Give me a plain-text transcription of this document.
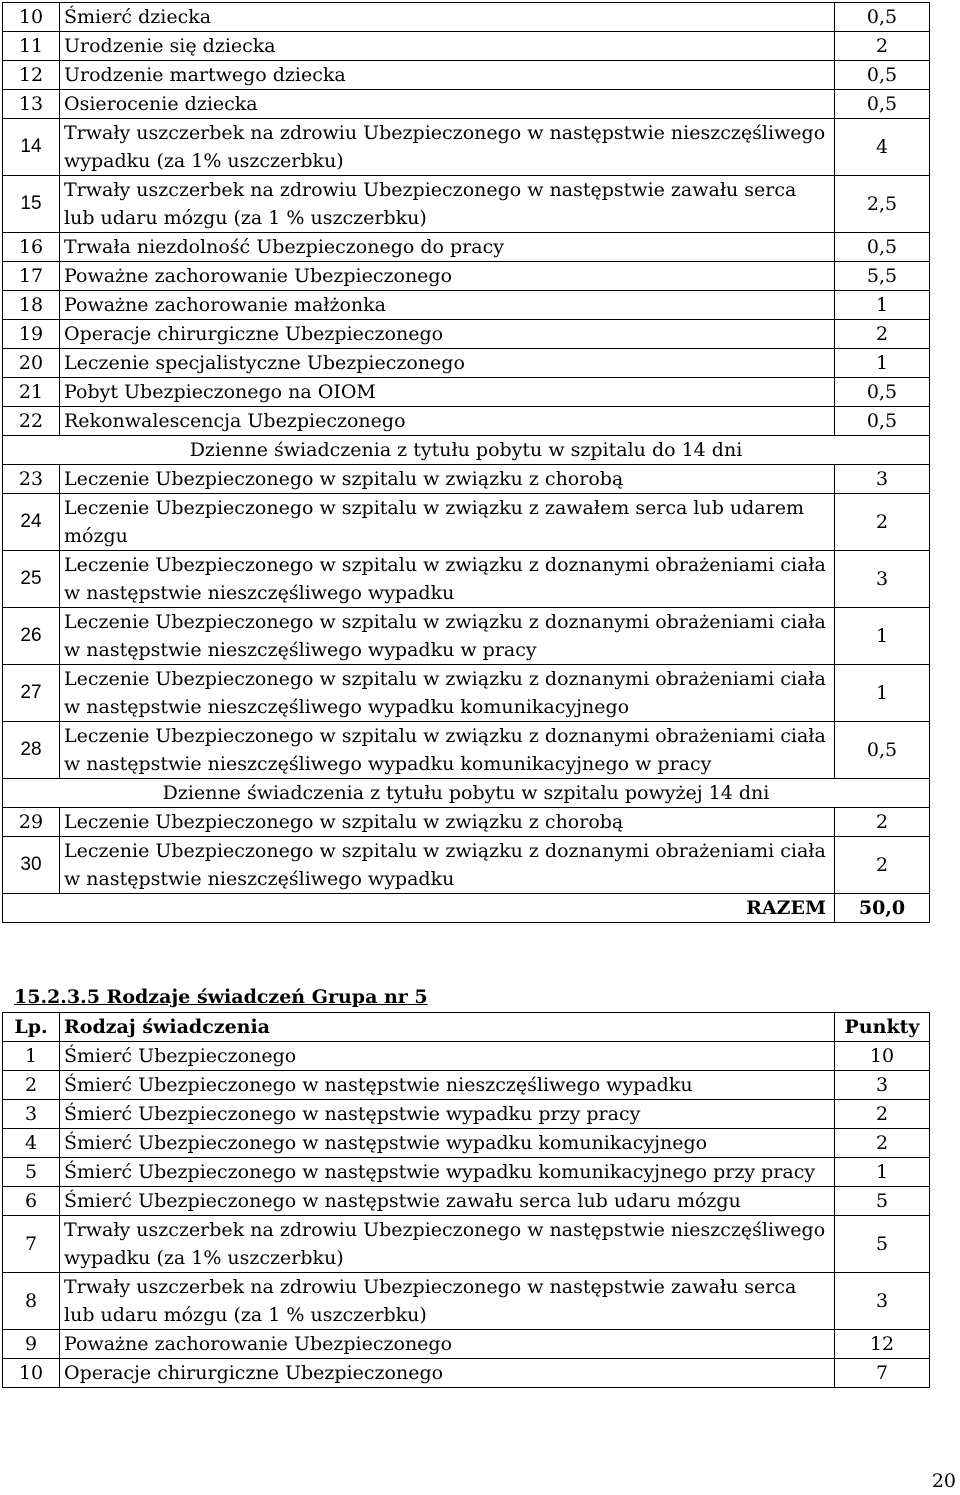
10	Śmierć dziecka	0,5
11	Urodzenie się dziecka	2
12	Urodzenie martwego dziecka	0,5
13	Osierocenie dziecka	0,5
14	Trwały uszczerbek na zdrowiu Ubezpieczonego w następstwie nieszczęśliwego wypadku (za 1% uszczerbku)	4
15	Trwały uszczerbek na zdrowiu Ubezpieczonego w następstwie zawału serca lub udaru mózgu (za 1 % uszczerbku)	2,5
16	Trwała niezdolność Ubezpieczonego do pracy	0,5
17	Poważne zachorowanie Ubezpieczonego	5,5
18	Poważne zachorowanie małżonka	1
19	Operacje chirurgiczne Ubezpieczonego	2
20	Leczenie specjalistyczne Ubezpieczonego	1
21	Pobyt Ubezpieczonego na OIOM	0,5
22	Rekonwalescencja Ubezpieczonego	0,5
Dzienne świadczenia z tytułu pobytu w szpitalu do 14 dni		
23	Leczenie Ubezpieczonego w szpitalu w związku z chorobą	3
24	Leczenie Ubezpieczonego w szpitalu w związku z zawałem serca lub udarem mózgu	2
25	Leczenie Ubezpieczonego w szpitalu w związku z doznanymi obrażeniami ciała w następstwie nieszczęśliwego wypadku	3
26	Leczenie Ubezpieczonego w szpitalu w związku z doznanymi obrażeniami ciała w następstwie nieszczęśliwego wypadku w pracy	1
27	Leczenie Ubezpieczonego w szpitalu w związku z doznanymi obrażeniami ciała w następstwie nieszczęśliwego wypadku komunikacyjnego	1
28	Leczenie Ubezpieczonego w szpitalu w związku z doznanymi obrażeniami ciała w następstwie nieszczęśliwego wypadku komunikacyjnego w pracy	0,5
Dzienne świadczenia z tytułu pobytu w szpitalu powyżej 14 dni		
29	Leczenie Ubezpieczonego w szpitalu w związku z chorobą	2
30	Leczenie Ubezpieczonego w szpitalu w związku z doznanymi obrażeniami ciała w następstwie nieszczęśliwego wypadku	2
RAZEM		50,0
15.2.3.5 Rodzaje świadczeń Grupa nr 5
Lp.	Rodzaj świadczenia	Punkty
1	Śmierć Ubezpieczonego	10
2	Śmierć Ubezpieczonego w następstwie nieszczęśliwego wypadku	3
3	Śmierć Ubezpieczonego w następstwie wypadku przy pracy	2
4	Śmierć Ubezpieczonego w następstwie wypadku komunikacyjnego	2
5	Śmierć Ubezpieczonego w następstwie wypadku komunikacyjnego przy pracy	1
6	Śmierć Ubezpieczonego w następstwie zawału serca lub udaru mózgu	5
7	Trwały uszczerbek na zdrowiu Ubezpieczonego w następstwie nieszczęśliwego wypadku (za 1% uszczerbku)	5
8	Trwały uszczerbek na zdrowiu Ubezpieczonego w następstwie zawału serca lub udaru mózgu (za 1 % uszczerbku)	3
9	Poważne zachorowanie Ubezpieczonego	12
10	Operacje chirurgiczne Ubezpieczonego	7
20
